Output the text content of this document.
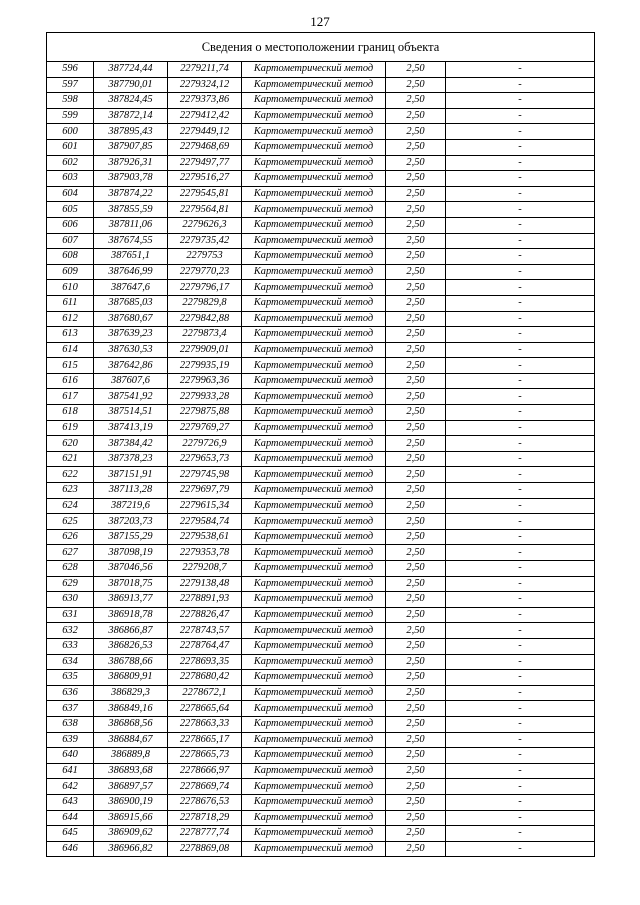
127
Сведения о местоположении границ объекта					
596	387724,44	2279211,74	Картометрический метод	2,50	-
597	387790,01	2279324,12	Картометрический метод	2,50	-
598	387824,45	2279373,86	Картометрический метод	2,50	-
599	387872,14	2279412,42	Картометрический метод	2,50	-
600	387895,43	2279449,12	Картометрический метод	2,50	-
601	387907,85	2279468,69	Картометрический метод	2,50	-
602	387926,31	2279497,77	Картометрический метод	2,50	-
603	387903,78	2279516,27	Картометрический метод	2,50	-
604	387874,22	2279545,81	Картометрический метод	2,50	-
605	387855,59	2279564,81	Картометрический метод	2,50	-
606	387811,06	2279626,3	Картометрический метод	2,50	-
607	387674,55	2279735,42	Картометрический метод	2,50	-
608	387651,1	2279753	Картометрический метод	2,50	-
609	387646,99	2279770,23	Картометрический метод	2,50	-
610	387647,6	2279796,17	Картометрический метод	2,50	-
611	387685,03	2279829,8	Картометрический метод	2,50	-
612	387680,67	2279842,88	Картометрический метод	2,50	-
613	387639,23	2279873,4	Картометрический метод	2,50	-
614	387630,53	2279909,01	Картометрический метод	2,50	-
615	387642,86	2279935,19	Картометрический метод	2,50	-
616	387607,6	2279963,36	Картометрический метод	2,50	-
617	387541,92	2279933,28	Картометрический метод	2,50	-
618	387514,51	2279875,88	Картометрический метод	2,50	-
619	387413,19	2279769,27	Картометрический метод	2,50	-
620	387384,42	2279726,9	Картометрический метод	2,50	-
621	387378,23	2279653,73	Картометрический метод	2,50	-
622	387151,91	2279745,98	Картометрический метод	2,50	-
623	387113,28	2279697,79	Картометрический метод	2,50	-
624	387219,6	2279615,34	Картометрический метод	2,50	-
625	387203,73	2279584,74	Картометрический метод	2,50	-
626	387155,29	2279538,61	Картометрический метод	2,50	-
627	387098,19	2279353,78	Картометрический метод	2,50	-
628	387046,56	2279208,7	Картометрический метод	2,50	-
629	387018,75	2279138,48	Картометрический метод	2,50	-
630	386913,77	2278891,93	Картометрический метод	2,50	-
631	386918,78	2278826,47	Картометрический метод	2,50	-
632	386866,87	2278743,57	Картометрический метод	2,50	-
633	386826,53	2278764,47	Картометрический метод	2,50	-
634	386788,66	2278693,35	Картометрический метод	2,50	-
635	386809,91	2278680,42	Картометрический метод	2,50	-
636	386829,3	2278672,1	Картометрический метод	2,50	-
637	386849,16	2278665,64	Картометрический метод	2,50	-
638	386868,56	2278663,33	Картометрический метод	2,50	-
639	386884,67	2278665,17	Картометрический метод	2,50	-
640	386889,8	2278665,73	Картометрический метод	2,50	-
641	386893,68	2278666,97	Картометрический метод	2,50	-
642	386897,57	2278669,74	Картометрический метод	2,50	-
643	386900,19	2278676,53	Картометрический метод	2,50	-
644	386915,66	2278718,29	Картометрический метод	2,50	-
645	386909,62	2278777,74	Картометрический метод	2,50	-
646	386966,82	2278869,08	Картометрический метод	2,50	-
